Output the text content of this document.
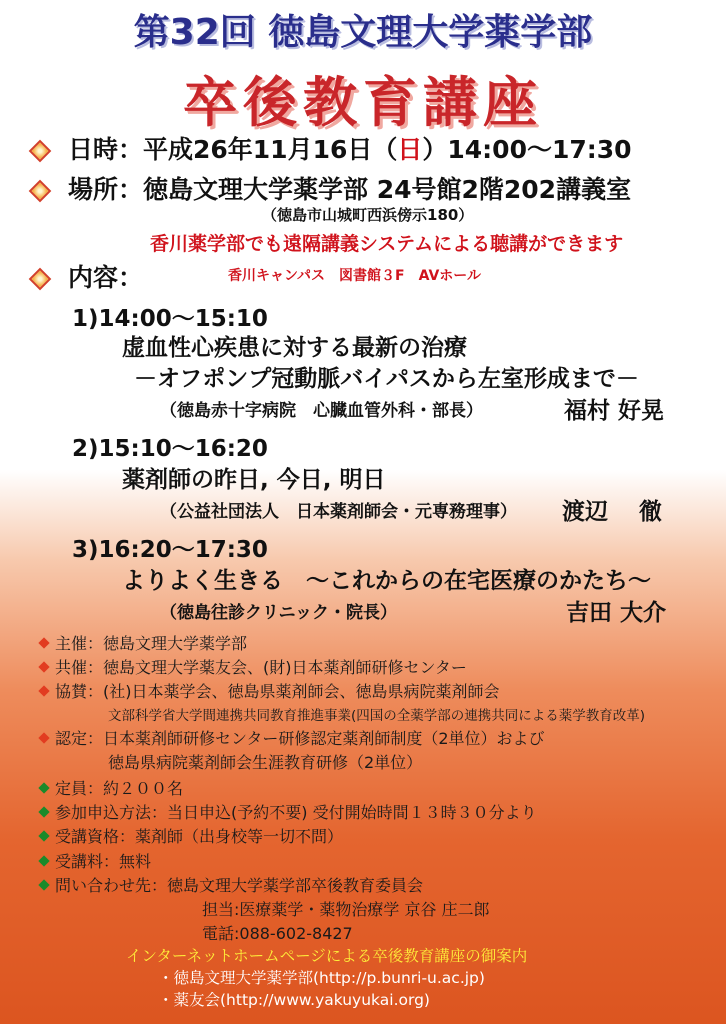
第32回 徳島文理大学薬学部
卒後教育講座
日時：平成26年11月16日（日）14:00～17:30
場所：徳島文理大学薬学部 24号館2階202講義室
（徳島市山城町西浜傍示180）
香川薬学部でも遠隔講義システムによる聴講ができます
内容：	香川キャンパス　図書館３F　AVホール
1)14:00～15:10
虚血性心疾患に対する最新の治療
－オフポンプ冠動脈バイパスから左室形成まで－
（徳島赤十字病院　心臓血管外科・部長）	福村 好晃
2)15:10～16:20
薬剤師の昨日, 今日, 明日
（公益社団法人　日本薬剤師会・元専務理事） 渡辺　 徹
3)16:20～17:30
よりよく生きる　～これからの在宅医療のかたち～
（徳島往診クリニック・院長）	吉田 大介
主催：徳島文理大学薬学部
共催：徳島文理大学薬友会、(財)日本薬剤師研修センター
協賛：(社)日本薬学会、徳島県薬剤師会、徳島県病院薬剤師会
文部科学省大学間連携共同教育推進事業(四国の全薬学部の連携共同による薬学教育改革)
認定：日本薬剤師研修センター研修認定薬剤師制度（2単位）および
徳島県病院薬剤師会生涯教育研修（2単位）
定員：約２００名
参加申込方法：当日申込(予約不要) 受付開始時間１３時３０分より
受講資格：薬剤師（出身校等一切不問）
受講料：無料
問い合わせ先：徳島文理大学薬学部卒後教育委員会
担当:医療薬学・薬物治療学 京谷 庄二郎
電話:088-602-8427
インターネットホームページによる卒後教育講座の御案内
・徳島文理大学薬学部(http://p.bunri-u.ac.jp)
・薬友会(http://www.yakuyukai.org)
